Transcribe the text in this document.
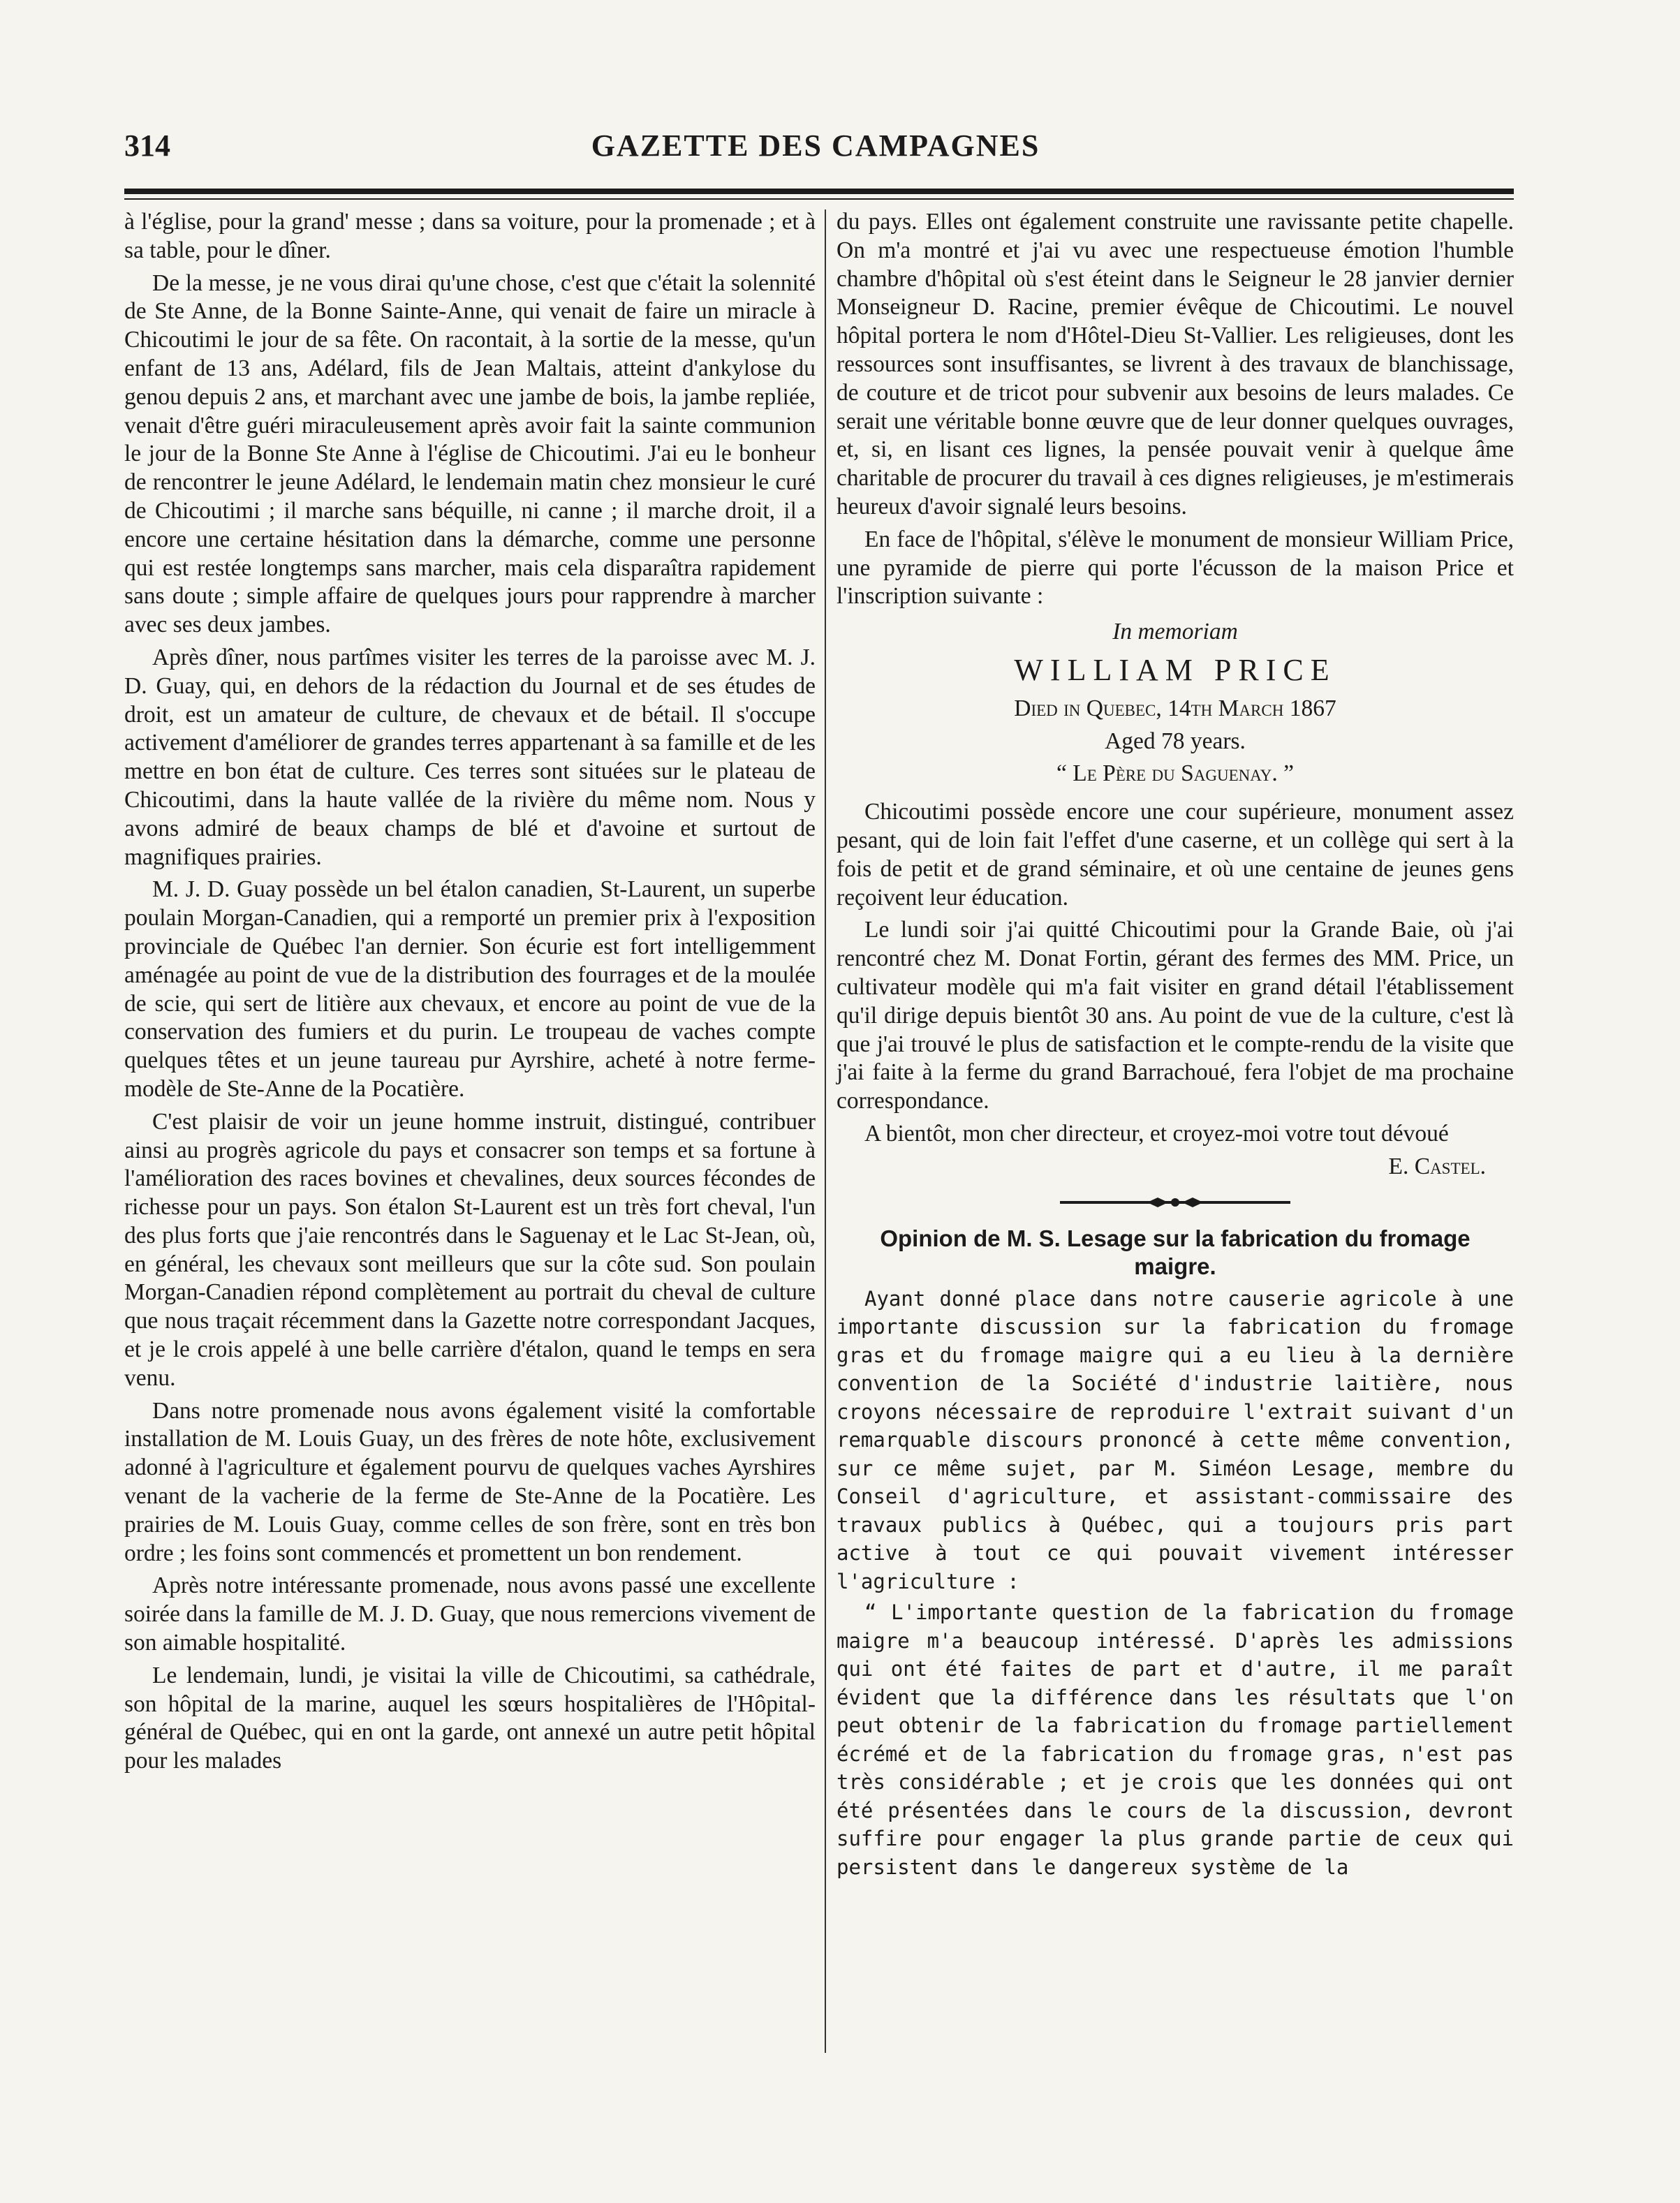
314	GAZETTE DES CAMPAGNES

à l'église, pour la grand' messe ; dans sa voiture, pour la promenade ; et à sa table, pour le dîner.

De la messe, je ne vous dirai qu'une chose, c'est que c'était la solennité de Ste Anne, de la Bonne Sainte-Anne, qui venait de faire un miracle à Chicoutimi le jour de sa fête. On racontait, à la sortie de la messe, qu'un enfant de 13 ans, Adélard, fils de Jean Maltais, atteint d'ankylose du genou depuis 2 ans, et marchant avec une jambe de bois, la jambe repliée, venait d'être guéri miraculeusement après avoir fait la sainte communion le jour de la Bonne Ste Anne à l'église de Chicoutimi. J'ai eu le bonheur de rencontrer le jeune Adélard, le lendemain matin chez monsieur le curé de Chicoutimi ; il marche sans béquille, ni canne ; il marche droit, il a encore une certaine hésitation dans la démarche, comme une personne qui est restée longtemps sans marcher, mais cela disparaîtra rapidement sans doute ; simple affaire de quelques jours pour rapprendre à marcher avec ses deux jambes.

Après dîner, nous partîmes visiter les terres de la paroisse avec M. J. D. Guay, qui, en dehors de la rédaction du Journal et de ses études de droit, est un amateur de culture, de chevaux et de bétail. Il s'occupe activement d'améliorer de grandes terres appartenant à sa famille et de les mettre en bon état de culture. Ces terres sont situées sur le plateau de Chicoutimi, dans la haute vallée de la rivière du même nom. Nous y avons admiré de beaux champs de blé et d'avoine et surtout de magnifiques prairies.

M. J. D. Guay possède un bel étalon canadien, St-Laurent, un superbe poulain Morgan-Canadien, qui a remporté un premier prix à l'exposition provinciale de Québec l'an dernier. Son écurie est fort intelligemment aménagée au point de vue de la distribution des fourrages et de la moulée de scie, qui sert de litière aux chevaux, et encore au point de vue de la conservation des fumiers et du purin. Le troupeau de vaches compte quelques têtes et un jeune taureau pur Ayrshire, acheté à notre ferme-modèle de Ste-Anne de la Pocatière.

C'est plaisir de voir un jeune homme instruit, distingué, contribuer ainsi au progrès agricole du pays et consacrer son temps et sa fortune à l'amélioration des races bovines et chevalines, deux sources fécondes de richesse pour un pays. Son étalon St-Laurent est un très fort cheval, l'un des plus forts que j'aie rencontrés dans le Saguenay et le Lac St-Jean, où, en général, les chevaux sont meilleurs que sur la côte sud. Son poulain Morgan-Canadien répond complètement au portrait du cheval de culture que nous traçait récemment dans la Gazette notre correspondant Jacques, et je le crois appelé à une belle carrière d'étalon, quand le temps en sera venu.

Dans notre promenade nous avons également visité la comfortable installation de M. Louis Guay, un des frères de note hôte, exclusivement adonné à l'agriculture et également pourvu de quelques vaches Ayrshires venant de la vacherie de la ferme de Ste-Anne de la Pocatière. Les prairies de M. Louis Guay, comme celles de son frère, sont en très bon ordre ; les foins sont commencés et promettent un bon rendement.

Après notre intéressante promenade, nous avons passé une excellente soirée dans la famille de M. J. D. Guay, que nous remercions vivement de son aimable hospitalité.

Le lendemain, lundi, je visitai la ville de Chicoutimi, sa cathédrale, son hôpital de la marine, auquel les sœurs hospitalières de l'Hôpital-général de Québec, qui en ont la garde, ont annexé un autre petit hôpital pour les malades

du pays. Elles ont également construite une ravissante petite chapelle. On m'a montré et j'ai vu avec une respectueuse émotion l'humble chambre d'hôpital où s'est éteint dans le Seigneur le 28 janvier dernier Monseigneur D. Racine, premier évêque de Chicoutimi. Le nouvel hôpital portera le nom d'Hôtel-Dieu St-Vallier. Les religieuses, dont les ressources sont insuffisantes, se livrent à des travaux de blanchissage, de couture et de tricot pour subvenir aux besoins de leurs malades. Ce serait une véritable bonne œuvre que de leur donner quelques ouvrages, et, si, en lisant ces lignes, la pensée pouvait venir à quelque âme charitable de procurer du travail à ces dignes religieuses, je m'estimerais heureux d'avoir signalé leurs besoins.

En face de l'hôpital, s'élève le monument de monsieur William Price, une pyramide de pierre qui porte l'écusson de la maison Price et l'inscription suivante :

In memoriam

WILLIAM PRICE

Died in Quebec, 14th March 1867

Aged 78 years.

“ Le Père du Saguenay. ”

Chicoutimi possède encore une cour supérieure, monument assez pesant, qui de loin fait l'effet d'une caserne, et un collège qui sert à la fois de petit et de grand séminaire, et où une centaine de jeunes gens reçoivent leur éducation.

Le lundi soir j'ai quitté Chicoutimi pour la Grande Baie, où j'ai rencontré chez M. Donat Fortin, gérant des fermes des MM. Price, un cultivateur modèle qui m'a fait visiter en grand détail l'établissement qu'il dirige depuis bientôt 30 ans. Au point de vue de la culture, c'est là que j'ai trouvé le plus de satisfaction et le compte-rendu de la visite que j'ai faite à la ferme du grand Barrachoué, fera l'objet de ma prochaine correspondance.

A bientôt, mon cher directeur, et croyez-moi votre tout dévoué

E. Castel.

Opinion de M. S. Lesage sur la fabrication du fromage maigre.

Ayant donné place dans notre causerie agricole à une importante discussion sur la fabrication du fromage gras et du fromage maigre qui a eu lieu à la dernière convention de la Société d'industrie laitière, nous croyons nécessaire de reproduire l'extrait suivant d'un remarquable discours prononcé à cette même convention, sur ce même sujet, par M. Siméon Lesage, membre du Conseil d'agriculture, et assistant-commissaire des travaux publics à Québec, qui a toujours pris part active à tout ce qui pouvait vivement intéresser l'agriculture :

“ L'importante question de la fabrication du fromage maigre m'a beaucoup intéressé. D'après les admissions qui ont été faites de part et d'autre, il me paraît évident que la différence dans les résultats que l'on peut obtenir de la fabrication du fromage partiellement écrémé et de la fabrication du fromage gras, n'est pas très considérable ; et je crois que les données qui ont été présentées dans le cours de la discussion, devront suffire pour engager la plus grande partie de ceux qui persistent dans le dangereux système de la
